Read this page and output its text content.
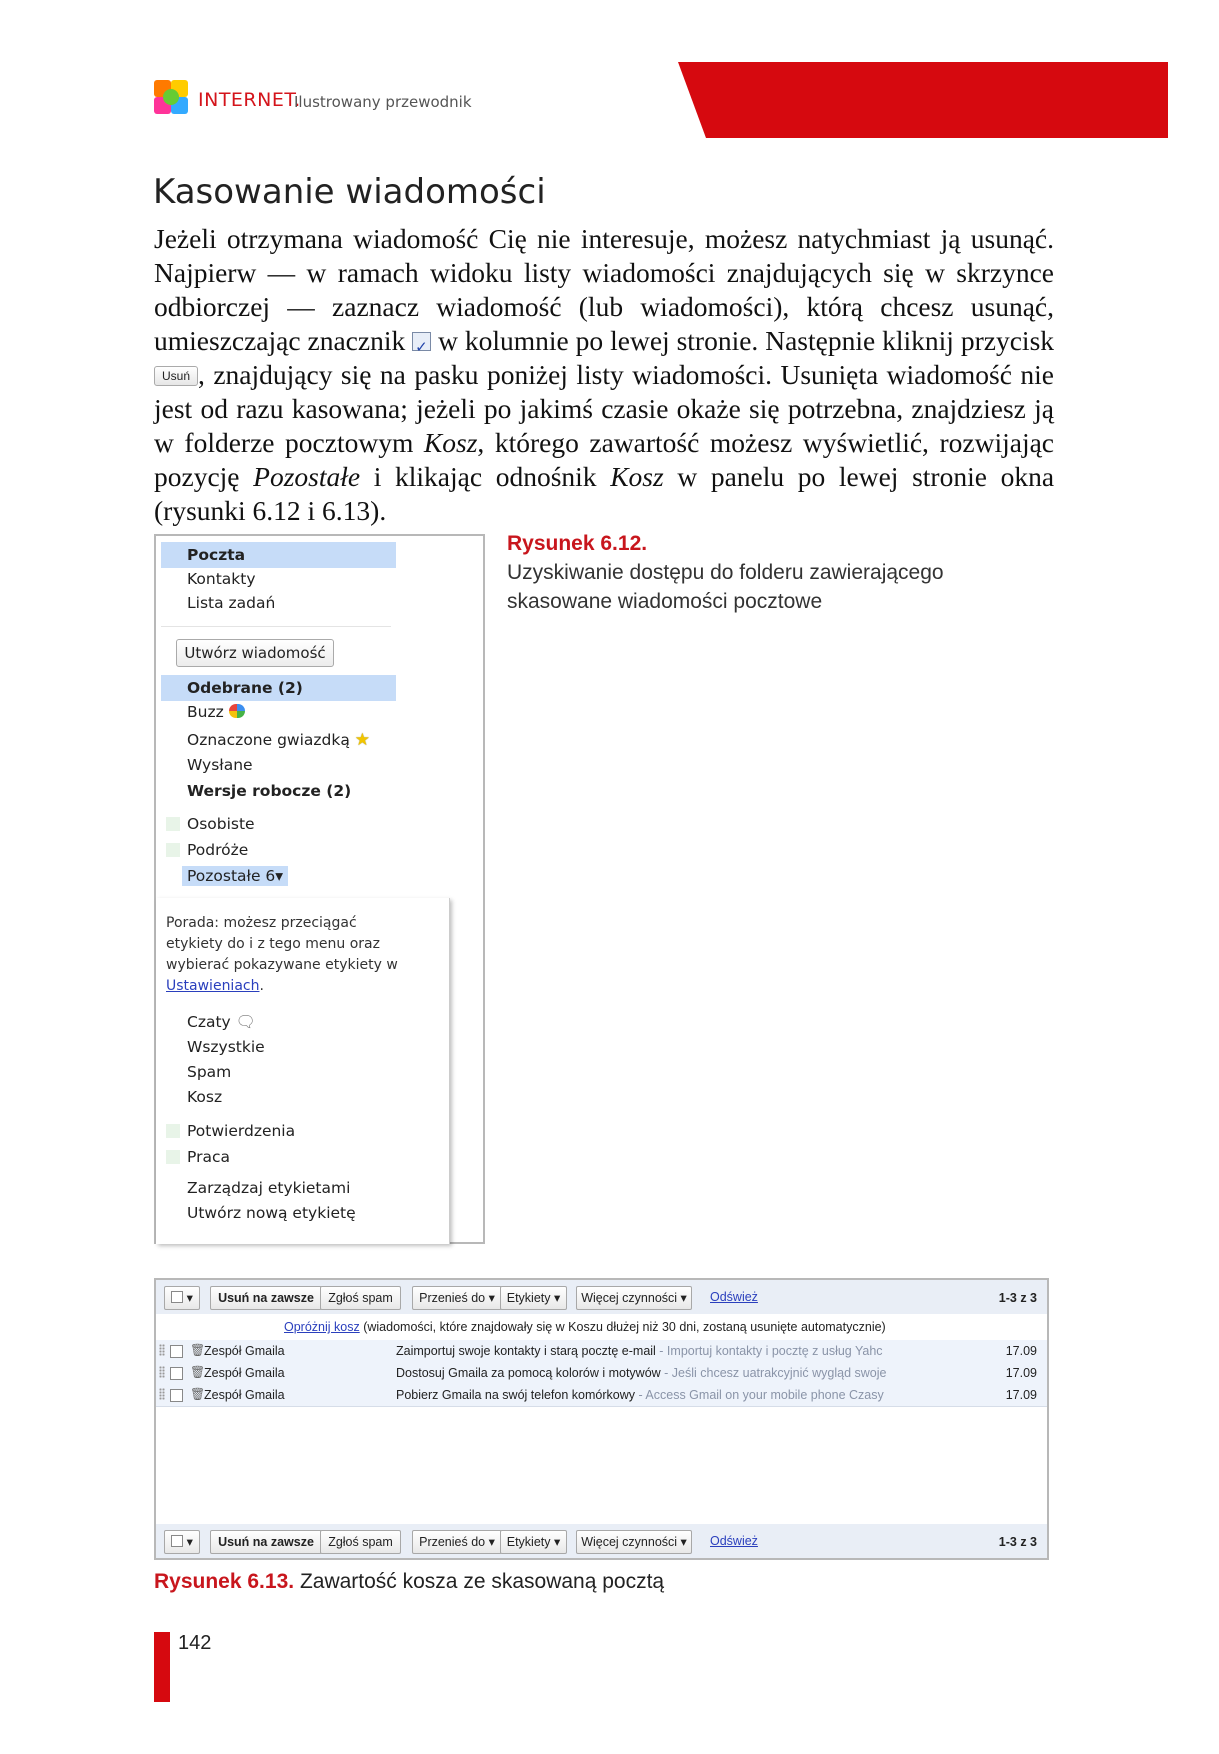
INTERNET.
Ilustrowany przewodnik
Kasowanie wiadomości
Jeżeli otrzymana wiadomość Cię nie interesuje, możesz natychmiast ją usunąć. Najpierw — w ramach widoku listy wiadomości znajdujących się w skrzynce odbiorczej — zaznacz wiadomość (lub wiadomości), którą chcesz usunąć, umieszczając znacznik ✓ w kolumnie po lewej stronie. Następnie kliknij przycisk Usuń , znajdujący się na pasku poniżej listy wiadomości. Usunięta wiadomość nie jest od razu kasowana; jeżeli po jakimś czasie okaże się potrzebna, znajdziesz ją w folderze pocztowym Kosz, którego zawartość możesz wyświetlić, rozwijając pozycję Pozostałe i klikając odnośnik Kosz w panelu po lewej stronie okna (rysunki 6.12 i 6.13).
Poczta
Kontakty
Lista zadań
Utwórz wiadomość
Odebrane (2)
Buzz
Oznaczone gwiazdką ★
Wysłane
Wersje robocze (2)
Osobiste
Podróże
Pozostałe 6▾
Porada: możesz przeciągać
etykiety do i z tego menu oraz
wybierać pokazywane etykiety w
Ustawieniach.
Czaty 🗨
Wszystkie
Spam
Kosz
Potwierdzenia
Praca
Zarządzaj etykietami
Utwórz nową etykietę
Rysunek 6.12.
Uzyskiwanie dostępu do folderu zawierającego skasowane wiadomości pocztowe
▾	Usuń na zawsze	Zgłoś spam	Przenieś do ▾ Etykiety ▾	Więcej czynności ▾	Odśwież	1-3 z 3
Opróżnij kosz (wiadomości, które znajdowały się w Koszu dłużej niż 30 dni, zostaną usunięte automatycznie)
🗑
Zespół Gmaila	Zaimportuj swoje kontakty i starą pocztę e-mail - Importuj kontakty i pocztę z usług Yahc	17.09
🗑
Zespół Gmaila	Dostosuj Gmaila za pomocą kolorów i motywów - Jeśli chcesz uatrakcyjnić wygląd swoje	17.09
🗑
Zespół Gmaila	Pobierz Gmaila na swój telefon komórkowy - Access Gmail on your mobile phone Czasy	17.09
▾	Usuń na zawsze	Zgłoś spam	Przenieś do ▾ Etykiety ▾	Więcej czynności ▾	Odśwież	1-3 z 3
Rysunek 6.13. Zawartość kosza ze skasowaną pocztą
142
